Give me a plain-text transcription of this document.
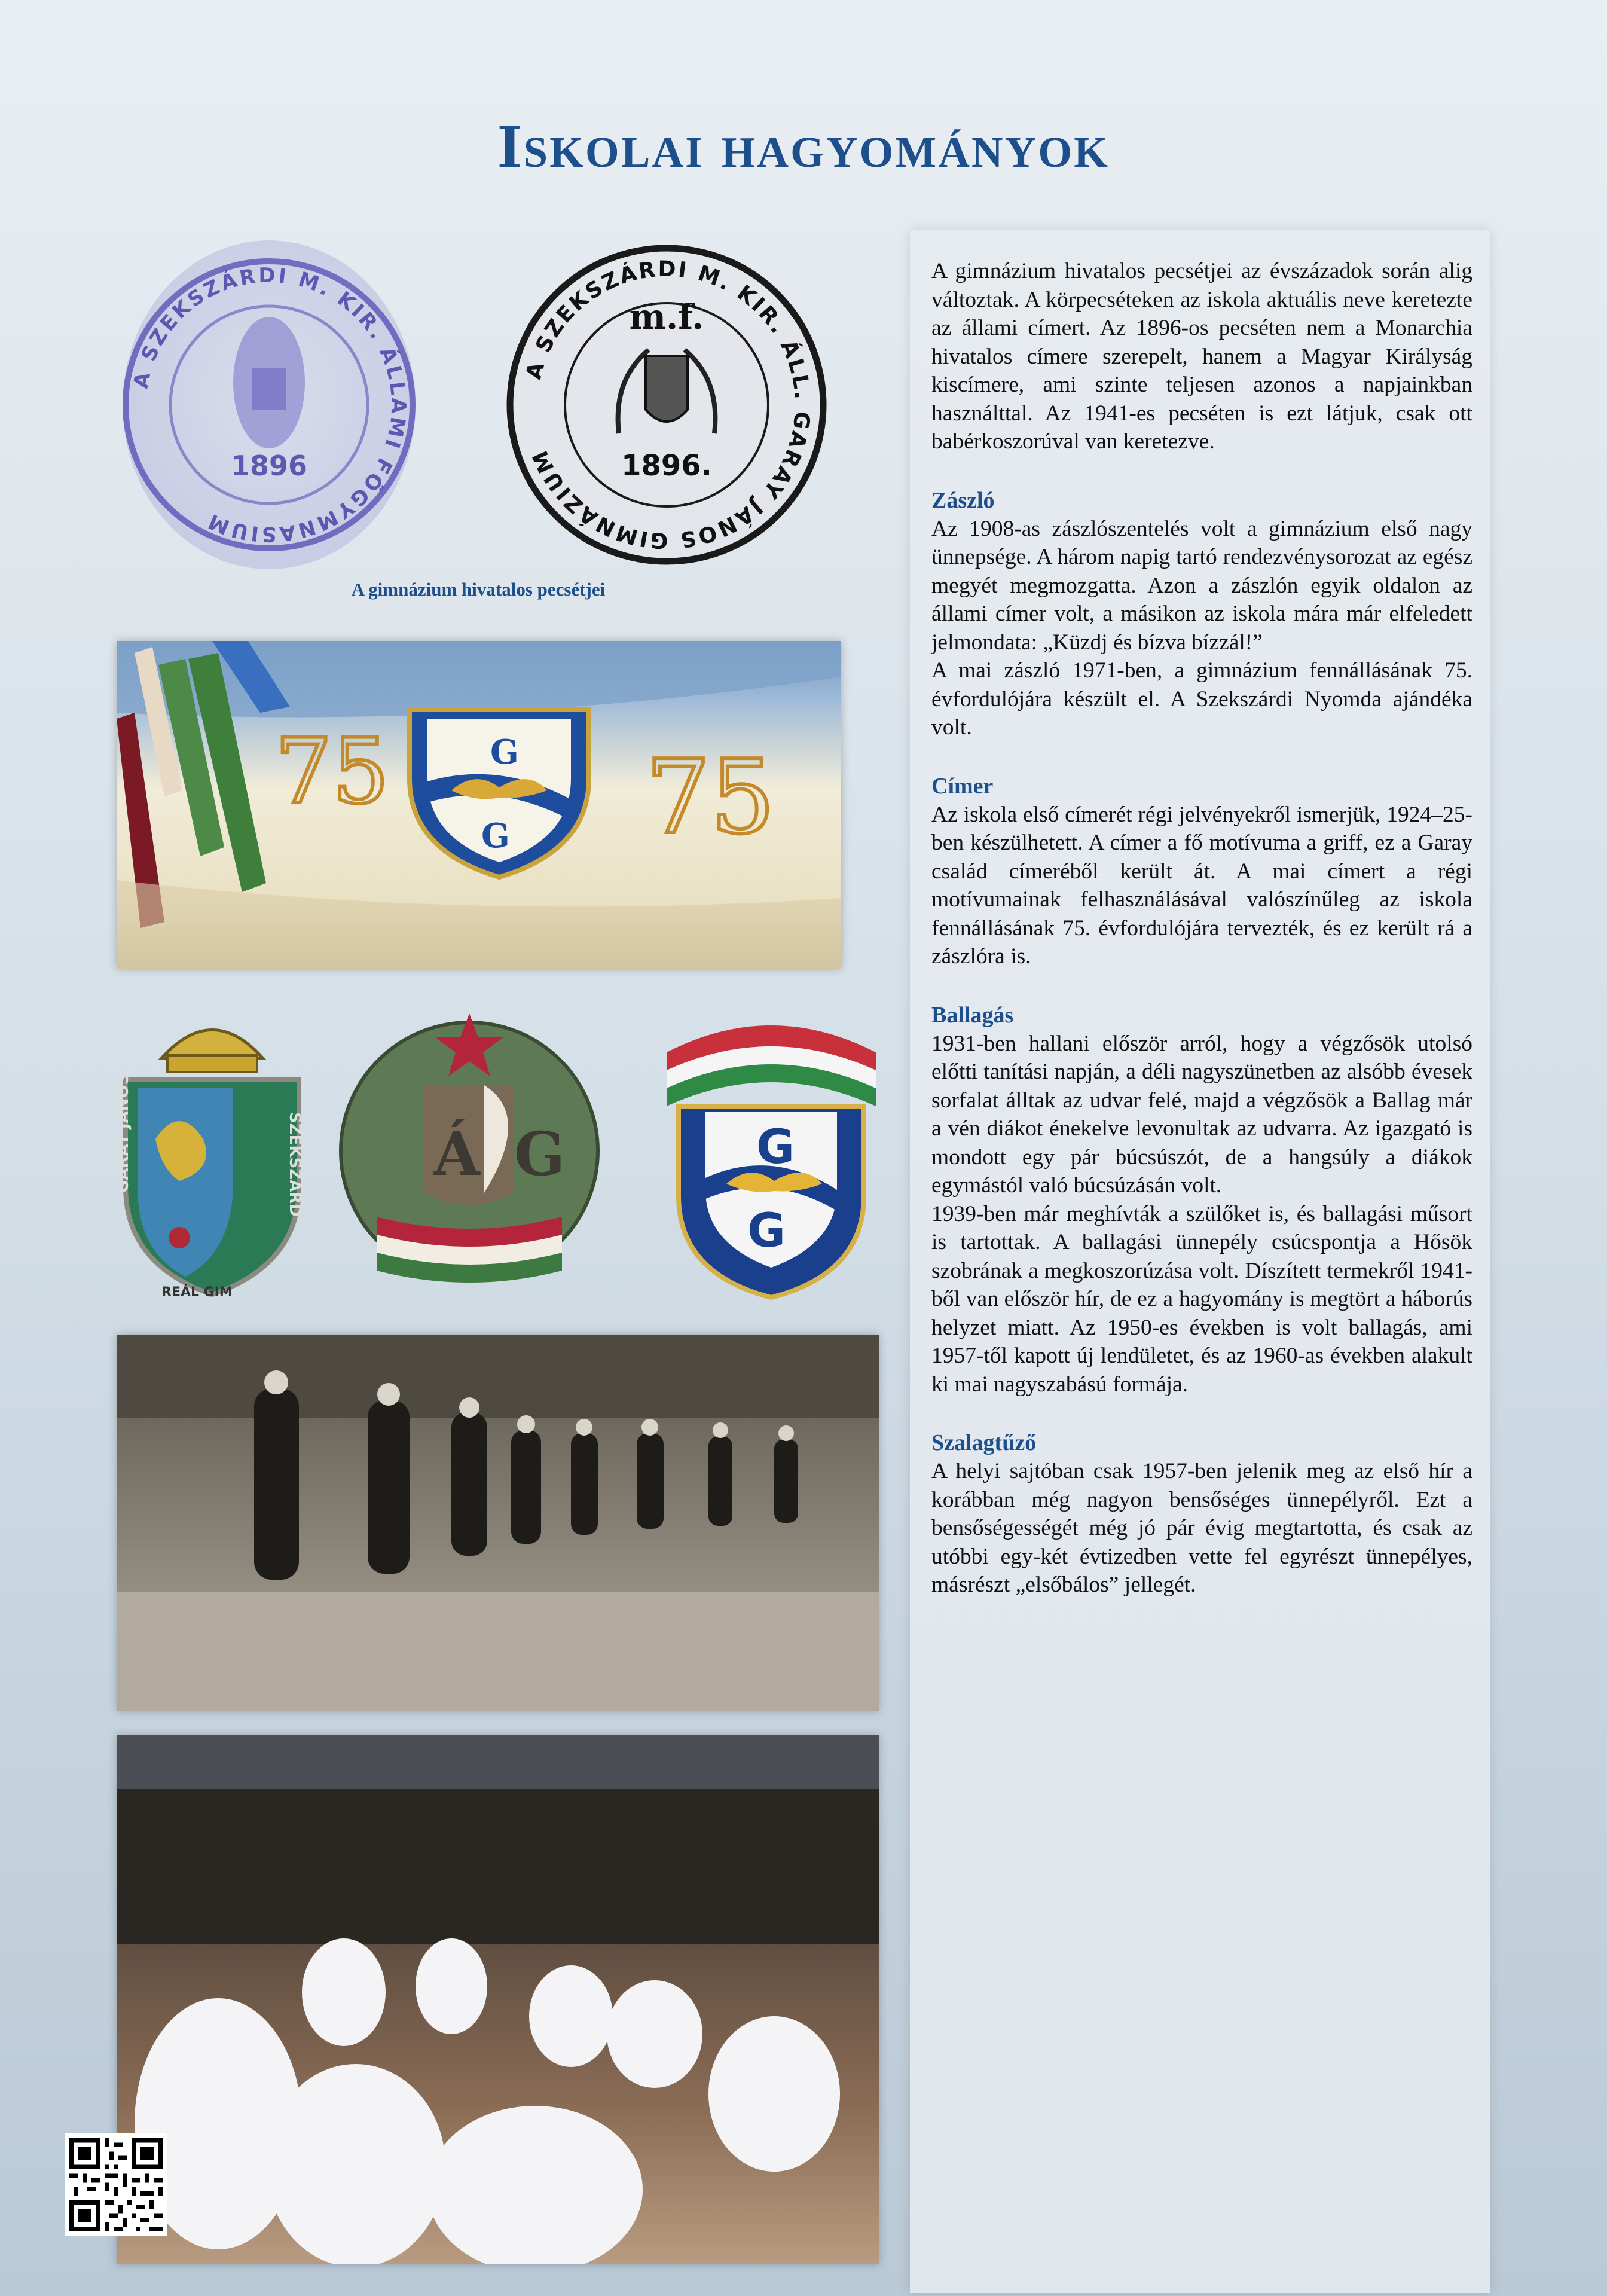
Iskolai hagyományok
A SZEKSZÁRDI M. KIR. ÁLLAMI FŐGYMNASIUM
1896
A SZEKSZÁRDI M. KIR. ÁLL. GARAY JÁNOS GIMNÁZIUM
m.f.
1896.
A gimnázium hivatalos pecsétjei
75	75
G
G
GARAY JÁNOS	SZEKSZÁRD
REÁL GIM
Á G	G
G

A gimnázium hivatalos pecsétjei az évszázadok során alig változtak. A körpecséteken az iskola aktuális neve keretezte az állami címert. Az 1896-os pecséten nem a Monarchia hivatalos címere szerepelt, hanem a Magyar Királyság kiscímere, ami szinte teljesen azonos a napjainkban használttal. Az 1941-es pecséten is ezt látjuk, csak ott babérkoszorúval van keretezve.

Zászló

Az 1908-as zászlószentelés volt a gimnázium első nagy ünnepsége. A három napig tartó rendezvénysorozat az egész megyét megmozgatta. Azon a zászlón egyik oldalon az állami címer volt, a másikon az iskola mára már elfeledett jelmondata: „Küzdj és bízva bízzál!”

A mai zászló 1971-ben, a gimnázium fennállásának 75. évfordulójára készült el. A Szekszárdi Nyomda ajándéka volt.

Címer

Az iskola első címerét régi jelvényekről ismerjük, 1924–25-ben készülhetett. A címer a fő motívuma a griff, ez a Garay család címeréből került át. A mai címert a régi motívumainak felhasználásával valószínűleg az iskola fennállásának 75. évfordulójára tervezték, és ez került rá a zászlóra is.

Ballagás

1931-ben hallani először arról, hogy a végzősök utolsó előtti tanítási napján, a déli nagyszünetben az alsóbb évesek sorfalat álltak az udvar felé, majd a végzősök a Ballag már a vén diákot énekelve levonultak az udvarra. Az igazgató is mondott egy pár búcsúszót, de a hangsúly a diákok egymástól való búcsúzásán volt.

1939-ben már meghívták a szülőket is, és ballagási műsort is tartottak. A ballagási ünnepély csúcspontja a Hősök szobrának a megkoszorúzása volt. Díszített termekről 1941-ből van először hír, de ez a hagyomány is megtört a háborús helyzet miatt. Az 1950-es években is volt ballagás, ami 1957-től kapott új lendületet, és az 1960-as években alakult ki mai nagyszabású formája.

Szalagtűző

A helyi sajtóban csak 1957-ben jelenik meg az első hír a korábban még nagyon bensőséges ünnepélyről. Ezt a bensőségességét még jó pár évig megtartotta, és csak az utóbbi egy-két évtizedben vette fel egyrészt ünnepélyes, másrészt „elsőbálos” jellegét.
